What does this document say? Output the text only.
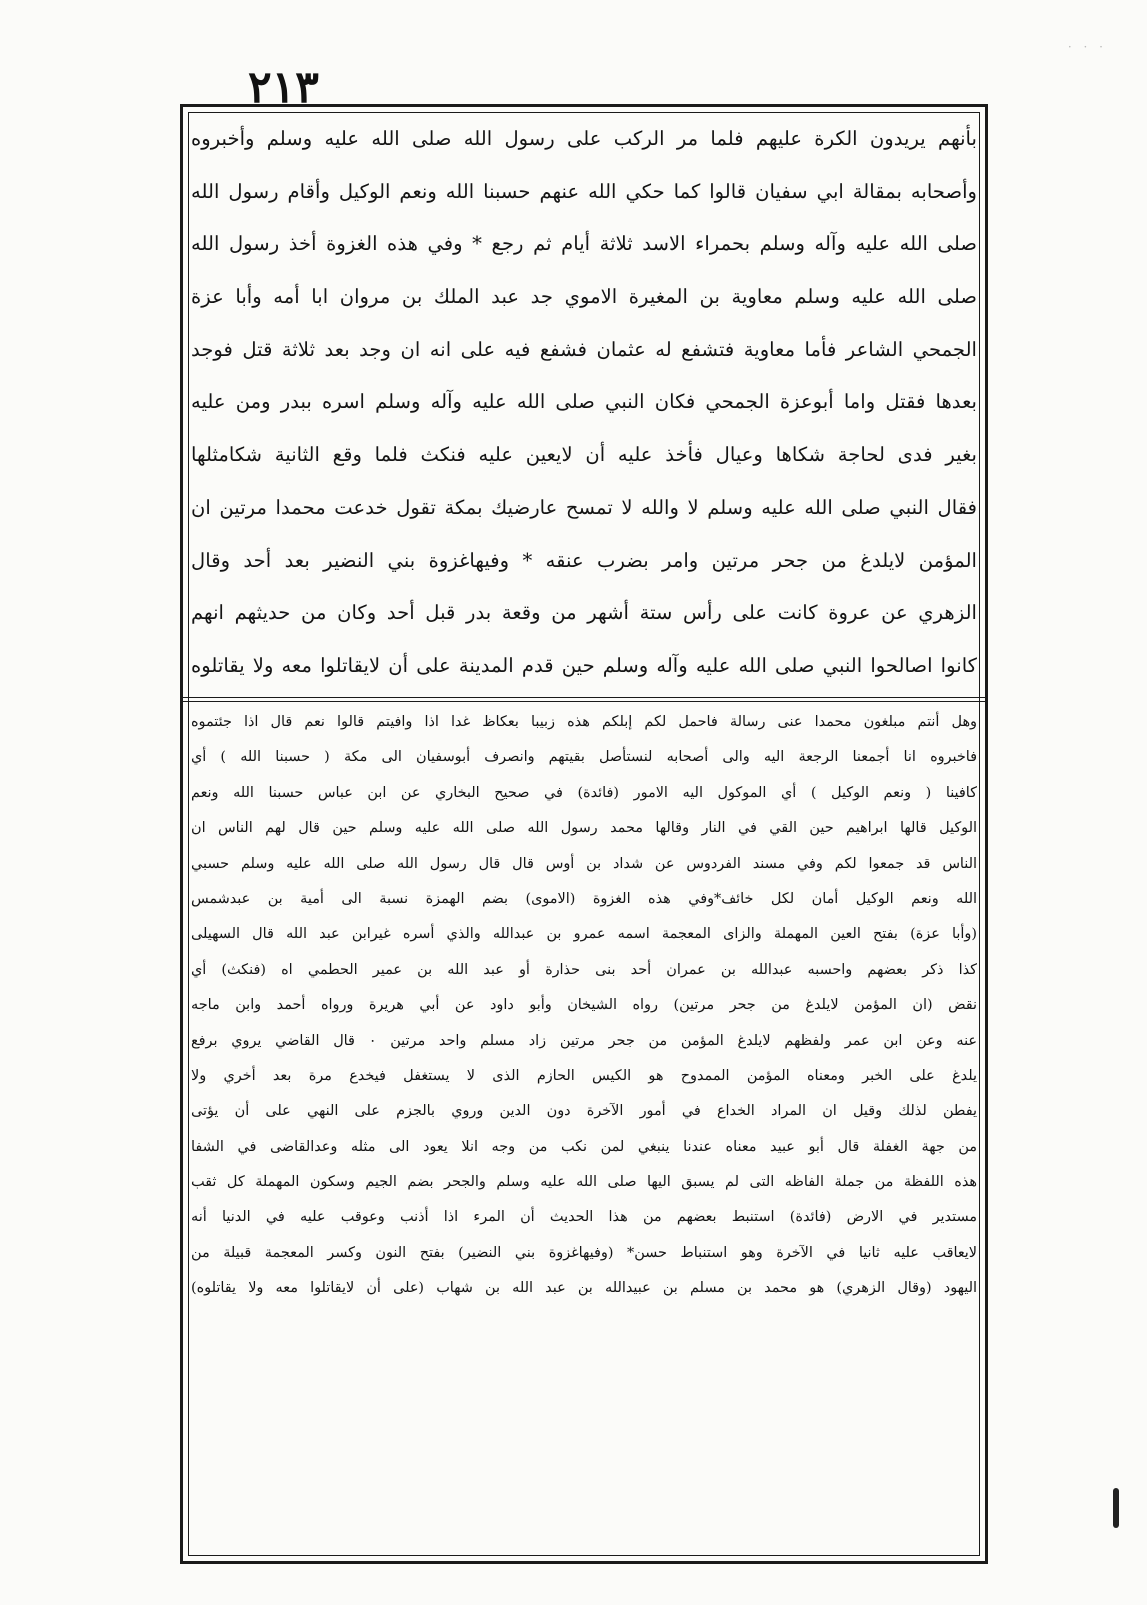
· · ·
٢١٣
بأنهم يريدون الكرة عليهم فلما مر الركب على رسول الله صلى الله عليه وسلم وأخبروه
وأصحابه بمقالة ابي سفيان قالوا كما حكي الله عنهم حسبنا الله ونعم الوكيل وأقام رسول الله
صلى الله عليه وآله وسلم بحمراء الاسد ثلاثة أيام ثم رجع * وفي هذه الغزوة أخذ رسول الله
صلى الله عليه وسلم معاوية بن المغيرة الاموي جد عبد الملك بن مروان ابا أمه وأبا عزة
الجمحي الشاعر فأما معاوية فتشفع له عثمان فشفع فيه على انه ان وجد بعد ثلاثة قتل فوجد
بعدها فقتل واما أبوعزة الجمحي فكان النبي صلى الله عليه وآله وسلم اسره ببدر ومن عليه
بغير فدى لحاجة شكاها وعيال فأخذ عليه أن لايعين عليه فنكث فلما وقع الثانية شكامثلها
فقال النبي صلى الله عليه وسلم لا والله لا تمسح عارضيك بمكة تقول خدعت محمدا مرتين ان
المؤمن لايلدغ من جحر مرتين وامر بضرب عنقه * وفيهاغزوة بني النضير بعد أحد وقال
الزهري عن عروة كانت على رأس ستة أشهر من وقعة بدر قبل أحد وكان من حديثهم انهم
كانوا اصالحوا النبي صلى الله عليه وآله وسلم حين قدم المدينة على أن لايقاتلوا معه ولا يقاتلوه
وهل أنتم مبلغون محمدا عنى رسالة فاحمل لكم إبلكم هذه زبيبا بعكاظ غدا اذا وافيتم قالوا نعم قال اذا جئتموه
فاخبروه انا أجمعنا الرجعة اليه والى أصحابه لنستأصل بقيتهم وانصرف أبوسفيان الى مكة ( حسبنا الله ) أي
كافينا ( ونعم الوكيل ) أي الموكول اليه الامور (فائدة) في صحيح البخاري عن ابن عباس حسبنا الله ونعم
الوكيل قالها ابراهيم حين القي في النار وقالها محمد رسول الله صلى الله عليه وسلم حين قال لهم الناس ان
الناس قد جمعوا لكم وفي مسند الفردوس عن شداد بن أوس قال قال رسول الله صلى الله عليه وسلم حسبي
الله ونعم الوكيل أمان لكل خائف*وفي هذه الغزوة (الاموى) بضم الهمزة نسبة الى أمية بن عبدشمس
(وأبا عزة) بفتح العين المهملة والزاى المعجمة اسمه عمرو بن عبدالله والذي أسره غيرابن عبد الله قال السهيلى
كذا ذكر بعضهم واحسبه عبدالله بن عمران أحد بنى حذارة أو عبد الله بن عمير الحطمي اه (فنكث) أي
نقض (ان المؤمن لايلدغ من جحر مرتين) رواه الشيخان وأبو داود عن أبي هريرة ورواه أحمد وابن ماجه
عنه وعن ابن عمر ولفظهم لايلدغ المؤمن من جحر مرتين زاد مسلم واحد مرتين ٠ قال القاضي يروي برفع
يلدغ على الخبر ومعناه المؤمن الممدوح هو الكيس الحازم الذى لا يستغفل فيخدع مرة بعد أخري ولا
يفطن لذلك وقيل ان المراد الخداع في أمور الآخرة دون الدين وروي بالجزم على النهي على أن يؤتى
من جهة الغفلة قال أبو عبيد معناه عندنا ينبغي لمن نكب من وجه انلا يعود الى مثله وعدالقاضى في الشفا
هذه اللفظة من جملة الفاظه التى لم يسبق اليها صلى الله عليه وسلم والجحر بضم الجيم وسكون المهملة كل ثقب
مستدير في الارض (فائدة) استنبط بعضهم من هذا الحديث أن المرء اذا أذنب وعوقب عليه في الدنيا أنه
لايعاقب عليه ثانيا في الآخرة وهو استنباط حسن* (وفيهاغزوة بني النضير) بفتح النون وكسر المعجمة قبيلة من
اليهود (وقال الزهري) هو محمد بن مسلم بن عبيدالله بن عبد الله بن شهاب (على أن لايقاتلوا معه ولا يقاتلوه)
